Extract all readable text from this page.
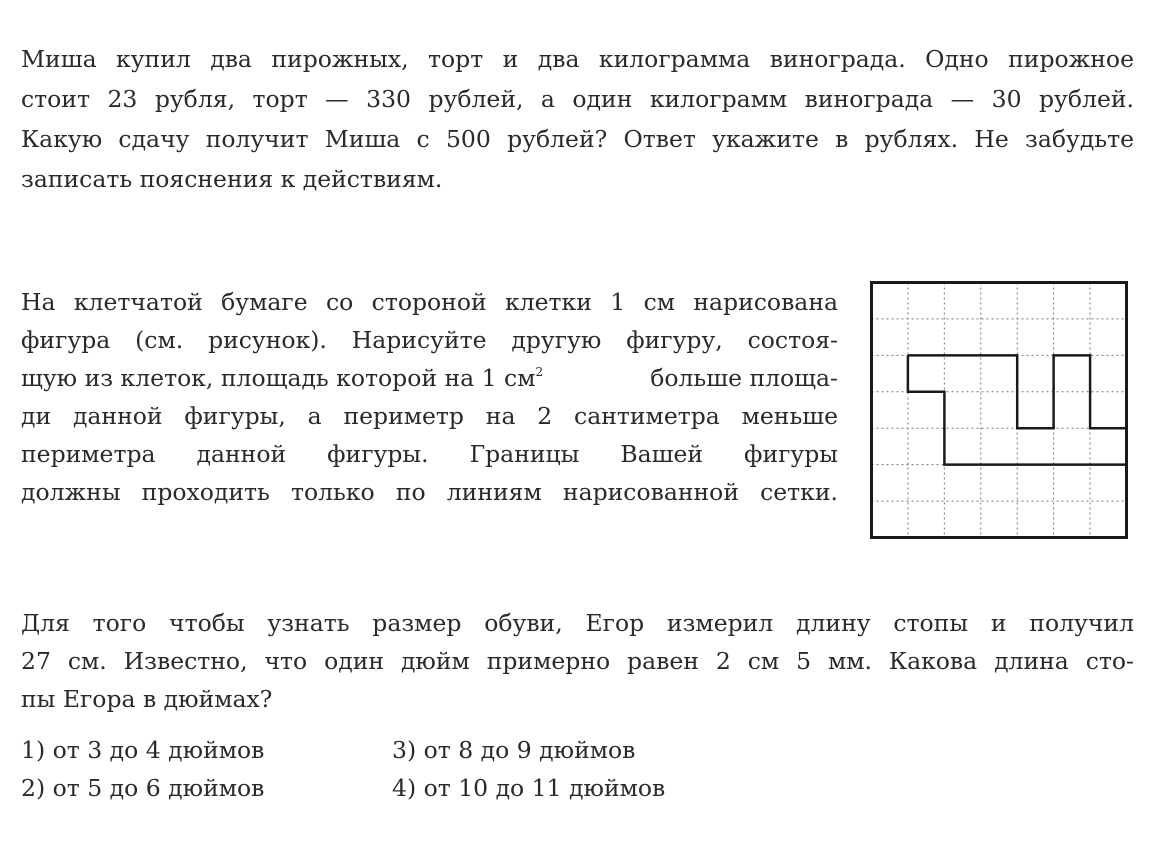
Миша купил два пирожных, торт и два килограмма винограда. Одно пирожное
стоит 23 рубля, торт — 330 рублей, а один килограмм винограда — 30 рублей.
Какую сдачу получит Миша с 500 рублей? Ответ укажите в рублях. Не забудьте
записать пояснения к действиям.
На клетчатой бумаге со стороной клетки 1 см нарисована
фигура (см. рисунок). Нарисуйте другую фигуру, состоя-
щую из клеток, площадь которой на 1 $см^2$	больше площа-
ди данной фигуры, а периметр на 2 сантиметра меньше
периметра данной фигуры. Границы Вашей фигуры
должны проходить только по линиям нарисованной сетки.
Для того чтобы узнать размер обуви, Егор измерил длину стопы и получил
27 см. Известно, что один дюйм примерно равен 2 см 5 мм. Какова длина сто-
пы Егора в дюймах?
1) от 3 до 4 дюймов
2) от 5 до 6 дюймов
3) от 8 до 9 дюймов
4) от 10 до 11 дюймов
